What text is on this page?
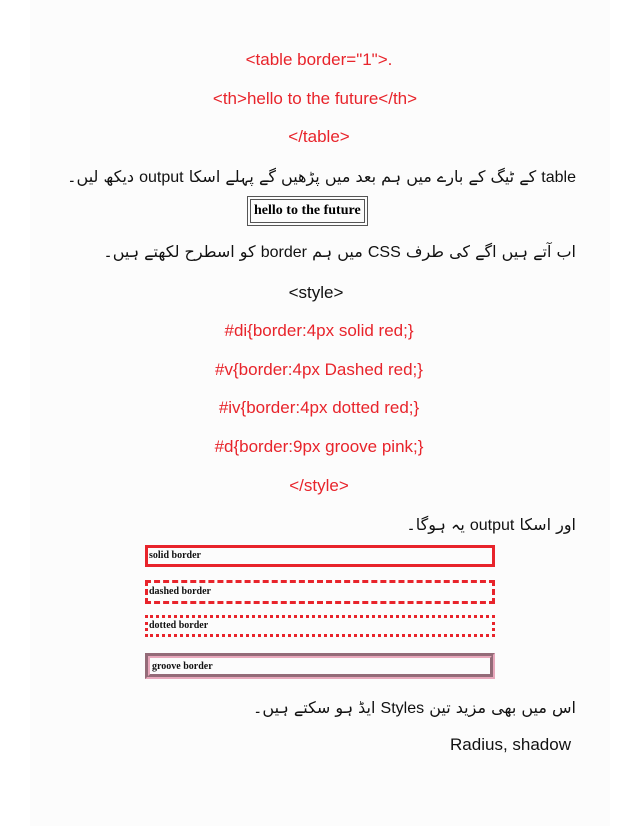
<table border="1">.
<th>hello to the future</th>
</table>
table کے ٹیگ کے بارے میں ہم بعد میں پڑھیں گے پہلے اسکا output دیکھ لیں۔
hello to the future
اب آتے ہیں اگے کی طرف CSS میں ہم border کو اسطرح لکھتے ہیں۔
<style>
#di{border:4px solid red;}
#v{border:4px Dashed red;}
#iv{border:4px dotted red;}
#d{border:9px groove pink;}
</style>
اور اسکا output یہ ہوگا۔
solid border
dashed border
dotted border
groove border
اس میں بھی مزید تین Styles ایڈ ہو سکتے ہیں۔
Radius, shadow
